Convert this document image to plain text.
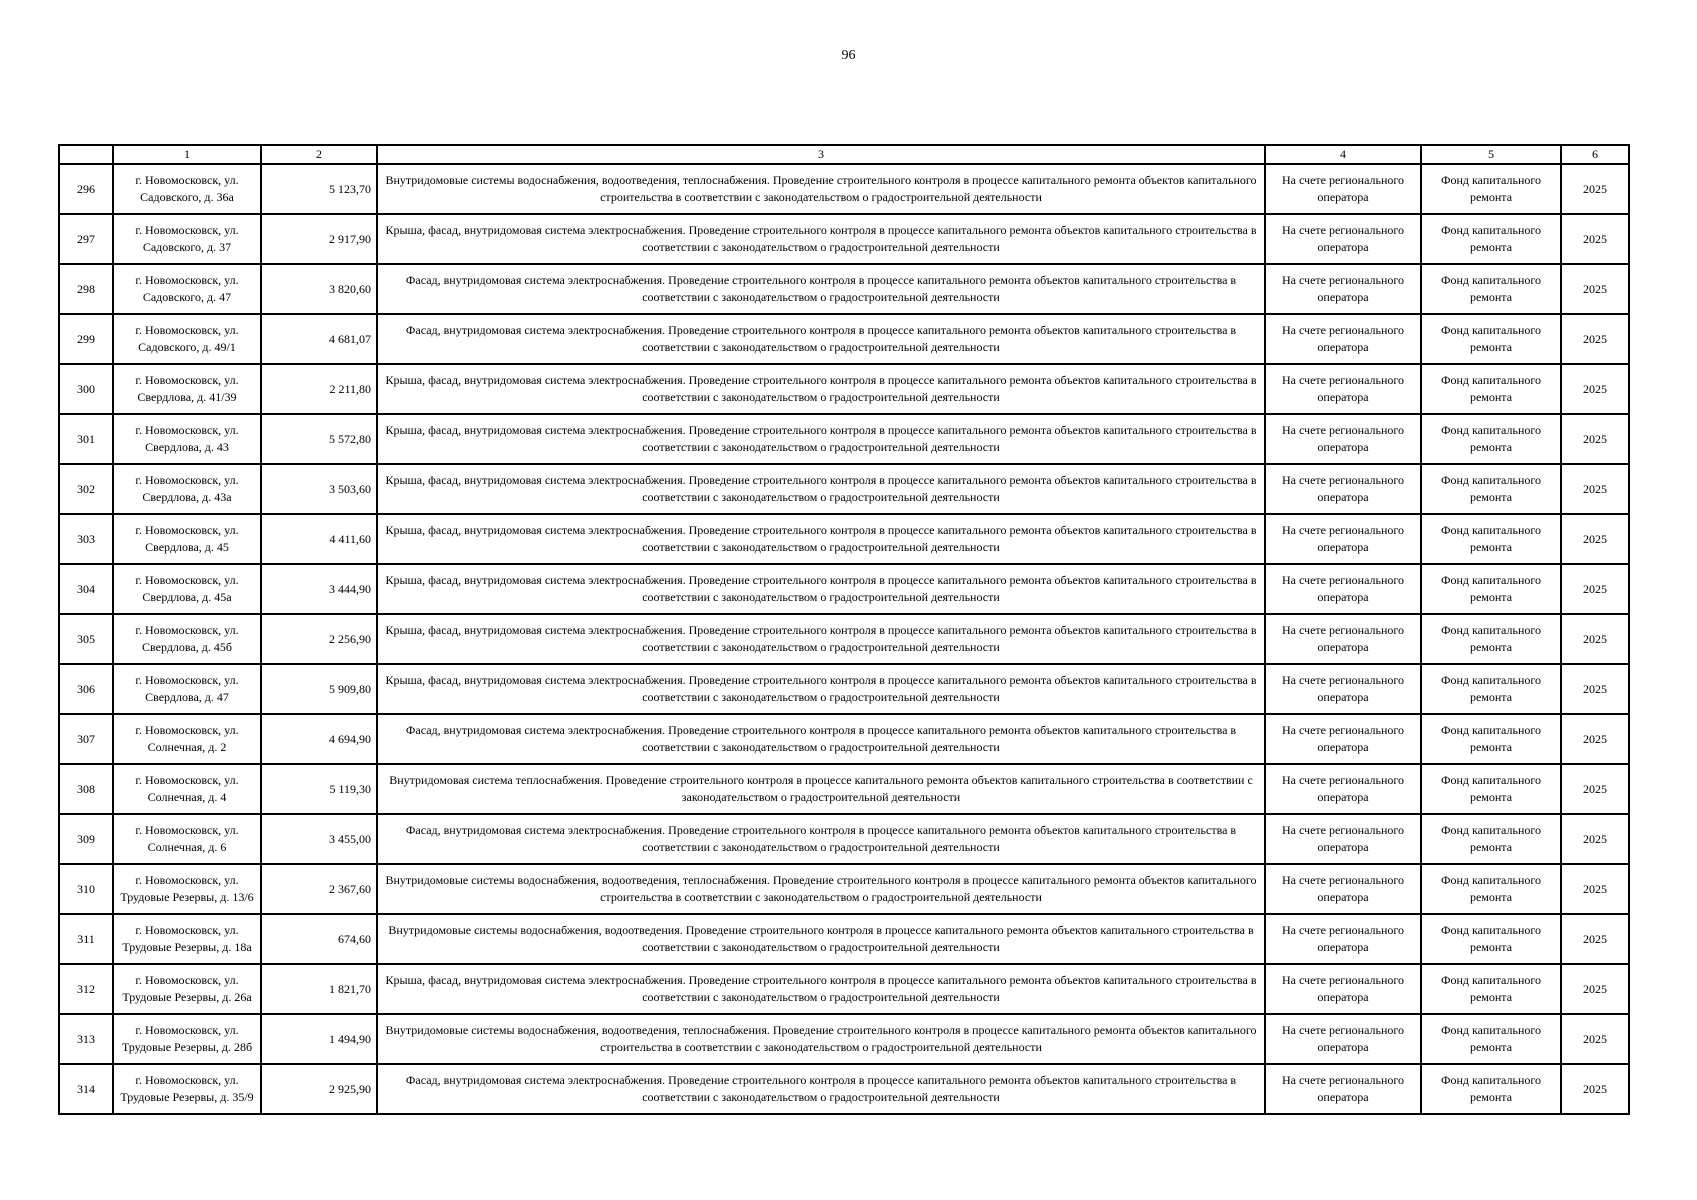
96
	1	2	3	4	5	6
296	г. Новомосковск, ул. Садовского, д. 36а	5 123,70	Внутридомовые системы водоснабжения, водоотведения, теплоснабжения. Проведение строительного контроля в процессе капитального ремонта объектов капитального строительства в соответствии с законодательством о градостроительной деятельности	На счете регионального оператора	Фонд капитального ремонта	2025
297	г. Новомосковск, ул. Садовского, д. 37	2 917,90	Крыша, фасад, внутридомовая система электроснабжения. Проведение строительного контроля в процессе капитального ремонта объектов капитального строительства в соответствии с законодательством о градостроительной деятельности	На счете регионального оператора	Фонд капитального ремонта	2025
298	г. Новомосковск, ул. Садовского, д. 47	3 820,60	Фасад, внутридомовая система электроснабжения. Проведение строительного контроля в процессе капитального ремонта объектов капитального строительства в соответствии с законодательством о градостроительной деятельности	На счете регионального оператора	Фонд капитального ремонта	2025
299	г. Новомосковск, ул. Садовского, д. 49/1	4 681,07	Фасад, внутридомовая система электроснабжения. Проведение строительного контроля в процессе капитального ремонта объектов капитального строительства в соответствии с законодательством о градостроительной деятельности	На счете регионального оператора	Фонд капитального ремонта	2025
300	г. Новомосковск, ул. Свердлова, д. 41/39	2 211,80	Крыша, фасад, внутридомовая система электроснабжения. Проведение строительного контроля в процессе капитального ремонта объектов капитального строительства в соответствии с законодательством о градостроительной деятельности	На счете регионального оператора	Фонд капитального ремонта	2025
301	г. Новомосковск, ул. Свердлова, д. 43	5 572,80	Крыша, фасад, внутридомовая система электроснабжения. Проведение строительного контроля в процессе капитального ремонта объектов капитального строительства в соответствии с законодательством о градостроительной деятельности	На счете регионального оператора	Фонд капитального ремонта	2025
302	г. Новомосковск, ул. Свердлова, д. 43а	3 503,60	Крыша, фасад, внутридомовая система электроснабжения. Проведение строительного контроля в процессе капитального ремонта объектов капитального строительства в соответствии с законодательством о градостроительной деятельности	На счете регионального оператора	Фонд капитального ремонта	2025
303	г. Новомосковск, ул. Свердлова, д. 45	4 411,60	Крыша, фасад, внутридомовая система электроснабжения. Проведение строительного контроля в процессе капитального ремонта объектов капитального строительства в соответствии с законодательством о градостроительной деятельности	На счете регионального оператора	Фонд капитального ремонта	2025
304	г. Новомосковск, ул. Свердлова, д. 45а	3 444,90	Крыша, фасад, внутридомовая система электроснабжения. Проведение строительного контроля в процессе капитального ремонта объектов капитального строительства в соответствии с законодательством о градостроительной деятельности	На счете регионального оператора	Фонд капитального ремонта	2025
305	г. Новомосковск, ул. Свердлова, д. 45б	2 256,90	Крыша, фасад, внутридомовая система электроснабжения. Проведение строительного контроля в процессе капитального ремонта объектов капитального строительства в соответствии с законодательством о градостроительной деятельности	На счете регионального оператора	Фонд капитального ремонта	2025
306	г. Новомосковск, ул. Свердлова, д. 47	5 909,80	Крыша, фасад, внутридомовая система электроснабжения. Проведение строительного контроля в процессе капитального ремонта объектов капитального строительства в соответствии с законодательством о градостроительной деятельности	На счете регионального оператора	Фонд капитального ремонта	2025
307	г. Новомосковск, ул. Солнечная, д. 2	4 694,90	Фасад, внутридомовая система электроснабжения. Проведение строительного контроля в процессе капитального ремонта объектов капитального строительства в соответствии с законодательством о градостроительной деятельности	На счете регионального оператора	Фонд капитального ремонта	2025
308	г. Новомосковск, ул. Солнечная, д. 4	5 119,30	Внутридомовая система теплоснабжения. Проведение строительного контроля в процессе капитального ремонта объектов капитального строительства в соответствии с законодательством о градостроительной деятельности	На счете регионального оператора	Фонд капитального ремонта	2025
309	г. Новомосковск, ул. Солнечная, д. 6	3 455,00	Фасад, внутридомовая система электроснабжения. Проведение строительного контроля в процессе капитального ремонта объектов капитального строительства в соответствии с законодательством о градостроительной деятельности	На счете регионального оператора	Фонд капитального ремонта	2025
310	г. Новомосковск, ул. Трудовые Резервы, д. 13/6	2 367,60	Внутридомовые системы водоснабжения, водоотведения, теплоснабжения. Проведение строительного контроля в процессе капитального ремонта объектов капитального строительства в соответствии с законодательством о градостроительной деятельности	На счете регионального оператора	Фонд капитального ремонта	2025
311	г. Новомосковск, ул. Трудовые Резервы, д. 18а	674,60	Внутридомовые системы водоснабжения, водоотведения. Проведение строительного контроля в процессе капитального ремонта объектов капитального строительства в соответствии с законодательством о градостроительной деятельности	На счете регионального оператора	Фонд капитального ремонта	2025
312	г. Новомосковск, ул. Трудовые Резервы, д. 26а	1 821,70	Крыша, фасад, внутридомовая система электроснабжения. Проведение строительного контроля в процессе капитального ремонта объектов капитального строительства в соответствии с законодательством о градостроительной деятельности	На счете регионального оператора	Фонд капитального ремонта	2025
313	г. Новомосковск, ул. Трудовые Резервы, д. 28б	1 494,90	Внутридомовые системы водоснабжения, водоотведения, теплоснабжения. Проведение строительного контроля в процессе капитального ремонта объектов капитального строительства в соответствии с законодательством о градостроительной деятельности	На счете регионального оператора	Фонд капитального ремонта	2025
314	г. Новомосковск, ул. Трудовые Резервы, д. 35/9	2 925,90	Фасад, внутридомовая система электроснабжения. Проведение строительного контроля в процессе капитального ремонта объектов капитального строительства в соответствии с законодательством о градостроительной деятельности	На счете регионального оператора	Фонд капитального ремонта	2025
